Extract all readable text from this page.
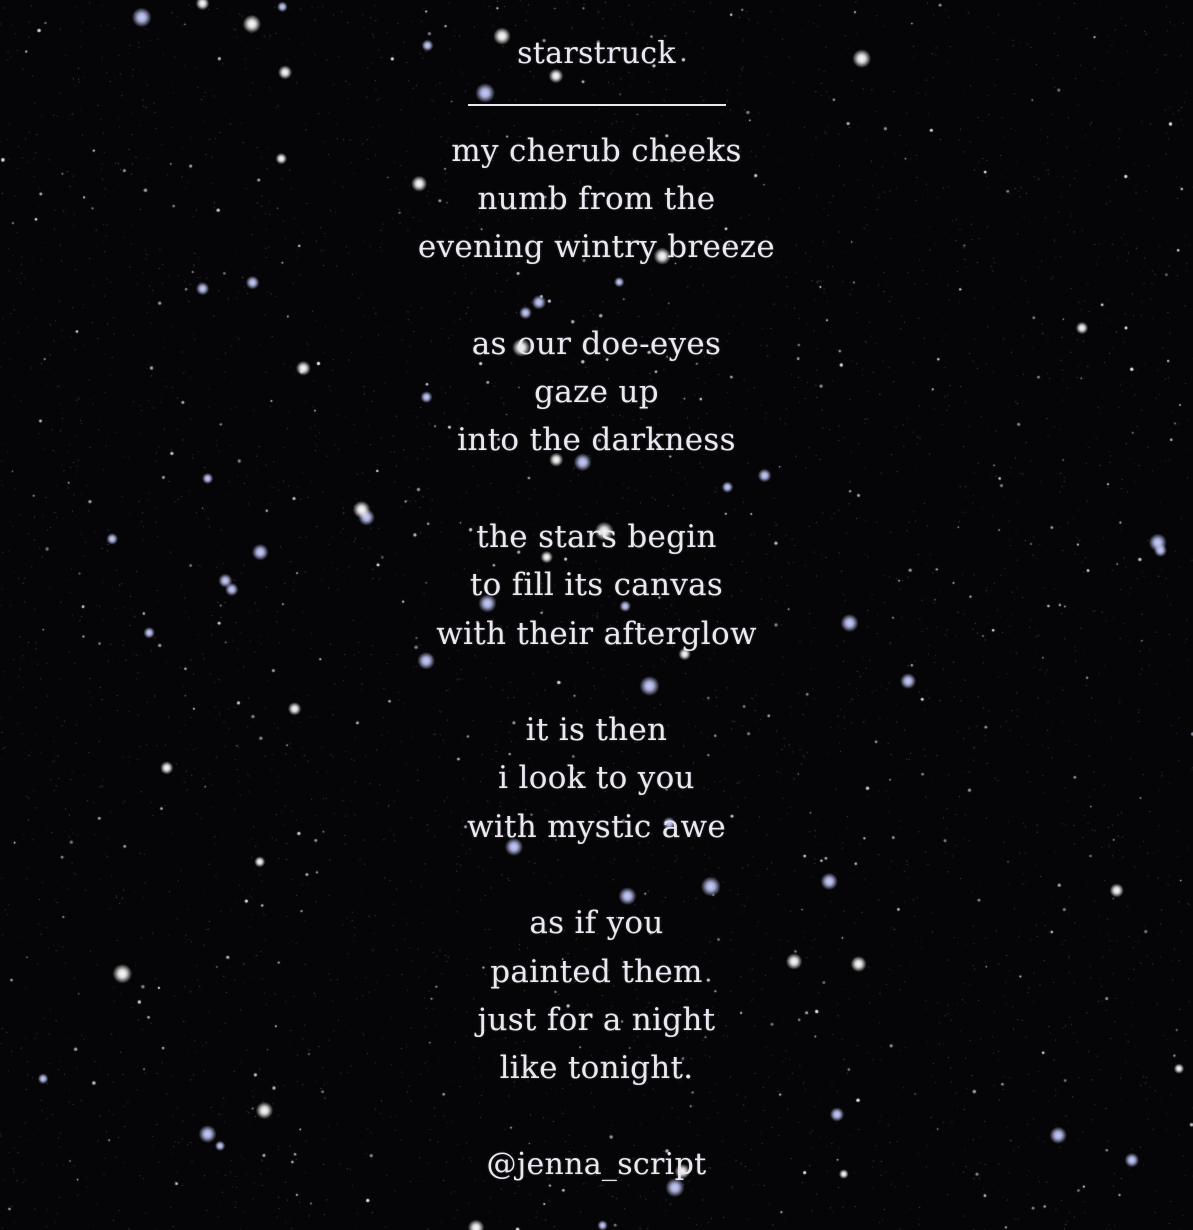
starstruck
my cherub cheeks
numb from the
evening wintry breeze
as our doe-eyes
gaze up
into the darkness
the stars begin
to fill its canvas
with their afterglow
it is then
i look to you
with mystic awe
as if you
painted them
just for a night
like tonight.
@jenna_script
